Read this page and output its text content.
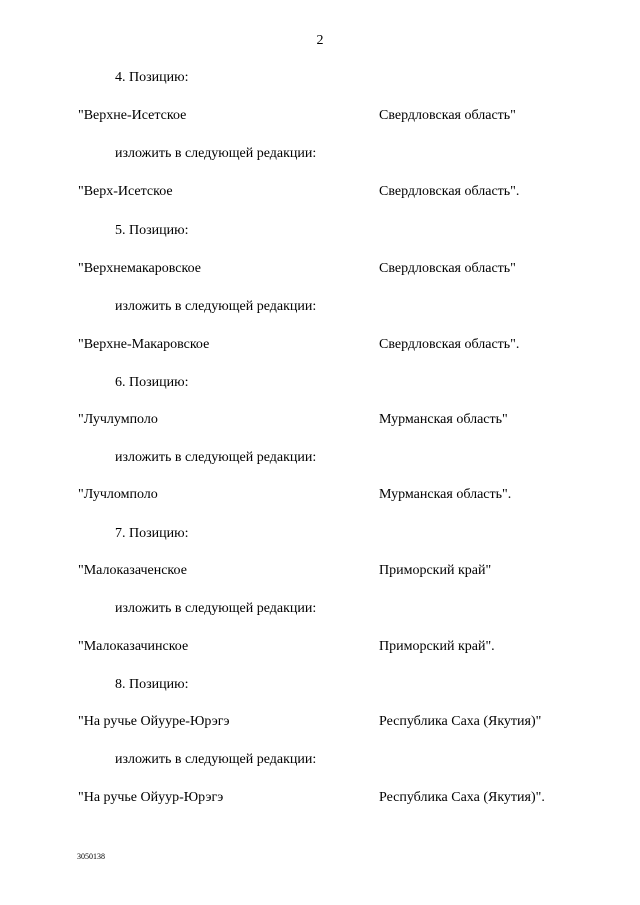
2
4. Позицию:
"Верхне-Исетское	Свердловская область"
изложить в следующей редакции:
"Верх-Исетское	Свердловская область".
5. Позицию:
"Верхнемакаровское	Свердловская область"
изложить в следующей редакции:
"Верхне-Макаровское	Свердловская область".
6. Позицию:
"Лучлумполо	Мурманская область"
изложить в следующей редакции:
"Лучломполо	Мурманская область".
7. Позицию:
"Малоказаченское	Приморский край"
изложить в следующей редакции:
"Малоказачинское	Приморский край".
8. Позицию:
"На ручье Ойууре-Юрэгэ	Республика Саха (Якутия)"
изложить в следующей редакции:
"На ручье Ойуур-Юрэгэ	Республика Саха (Якутия)".
3050138
